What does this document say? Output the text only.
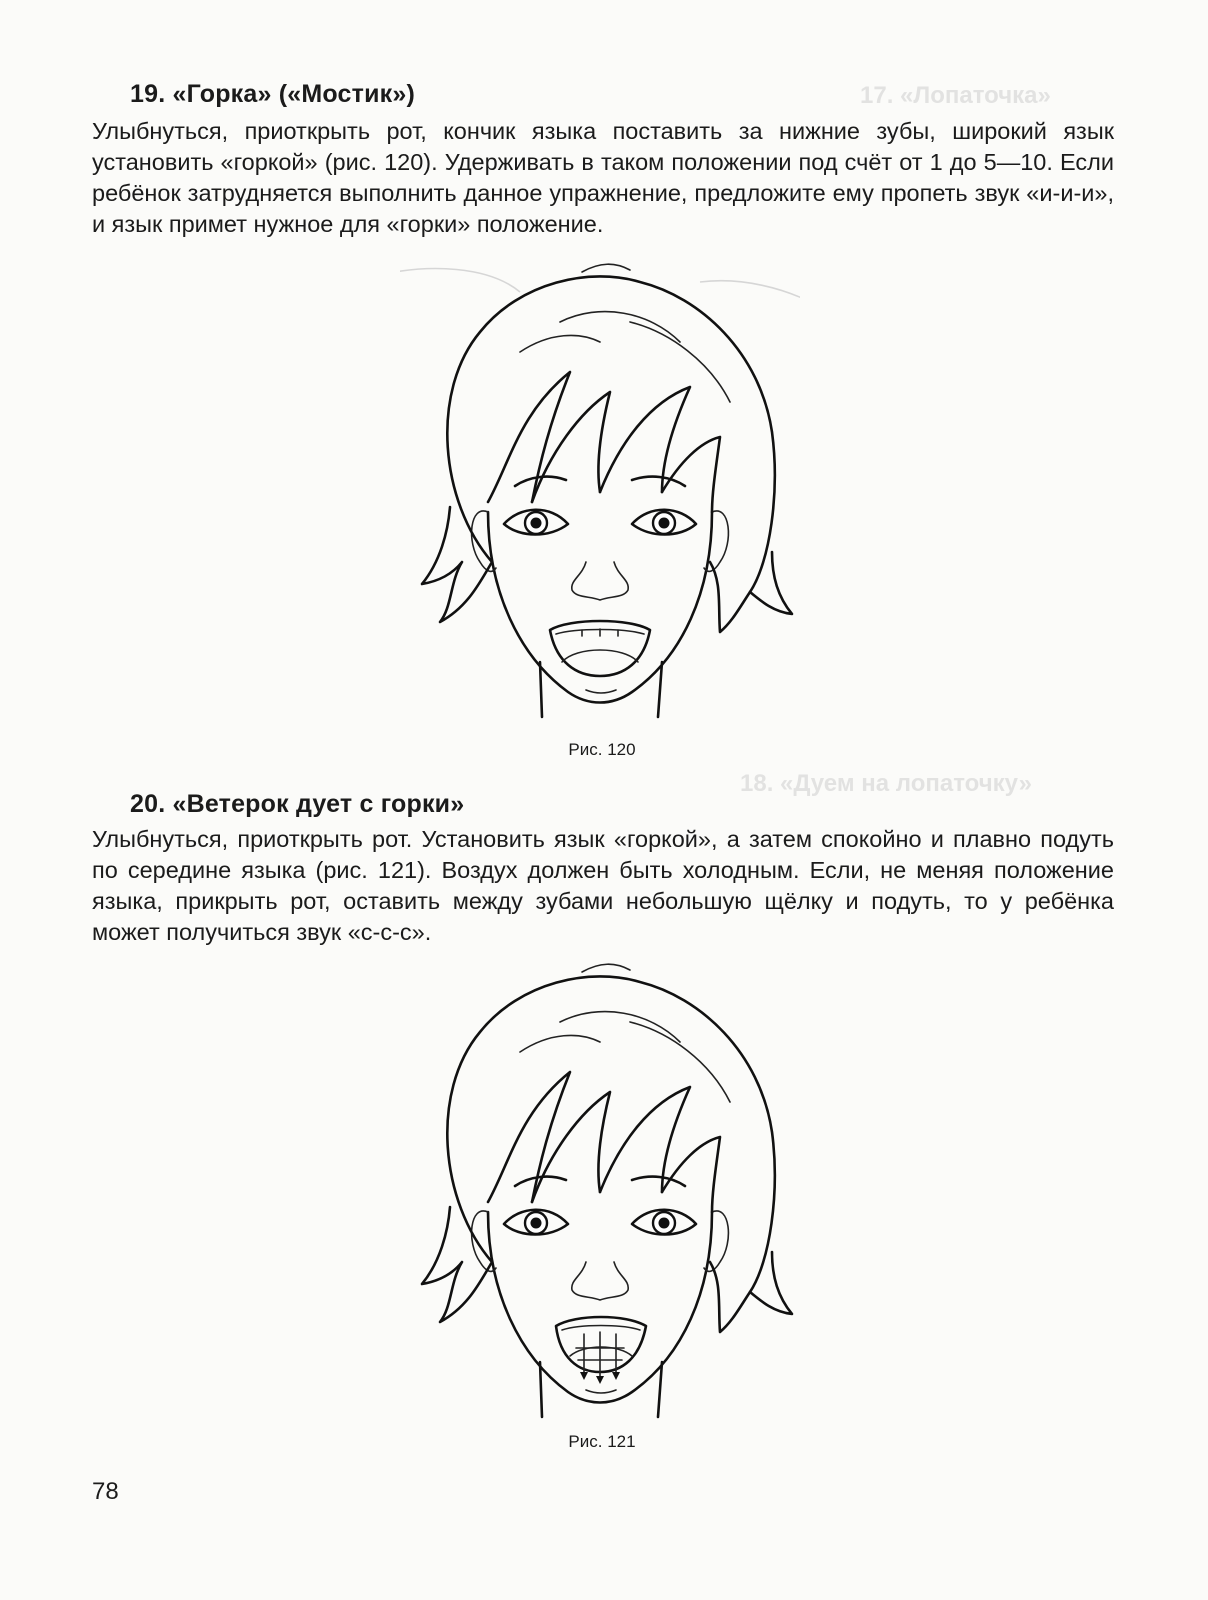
17. «Лопаточка»
18. «Дуем на лопаточку»
19. «Горка» («Мостик»)

Улыбнуться, приоткрыть рот, кончик языка поставить за нижние зубы, широкий язык установить «горкой» (рис. 120). Удерживать в таком положении под счёт от 1 до 5—10. Если ребёнок затрудняется выполнить данное упражнение, предложите ему пропеть звук «и-и-и», и язык примет нужное для «горки» положение.

Рис. 120
20. «Ветерок дует с горки»

Улыбнуться, приоткрыть рот. Установить язык «горкой», а затем спокойно и плавно подуть по середине языка (рис. 121). Воздух должен быть холодным. Если, не меняя положение языка, прикрыть рот, оставить между зубами небольшую щёлку и подуть, то у ребёнка может получиться звук «с-с-с».

Рис. 121
78
